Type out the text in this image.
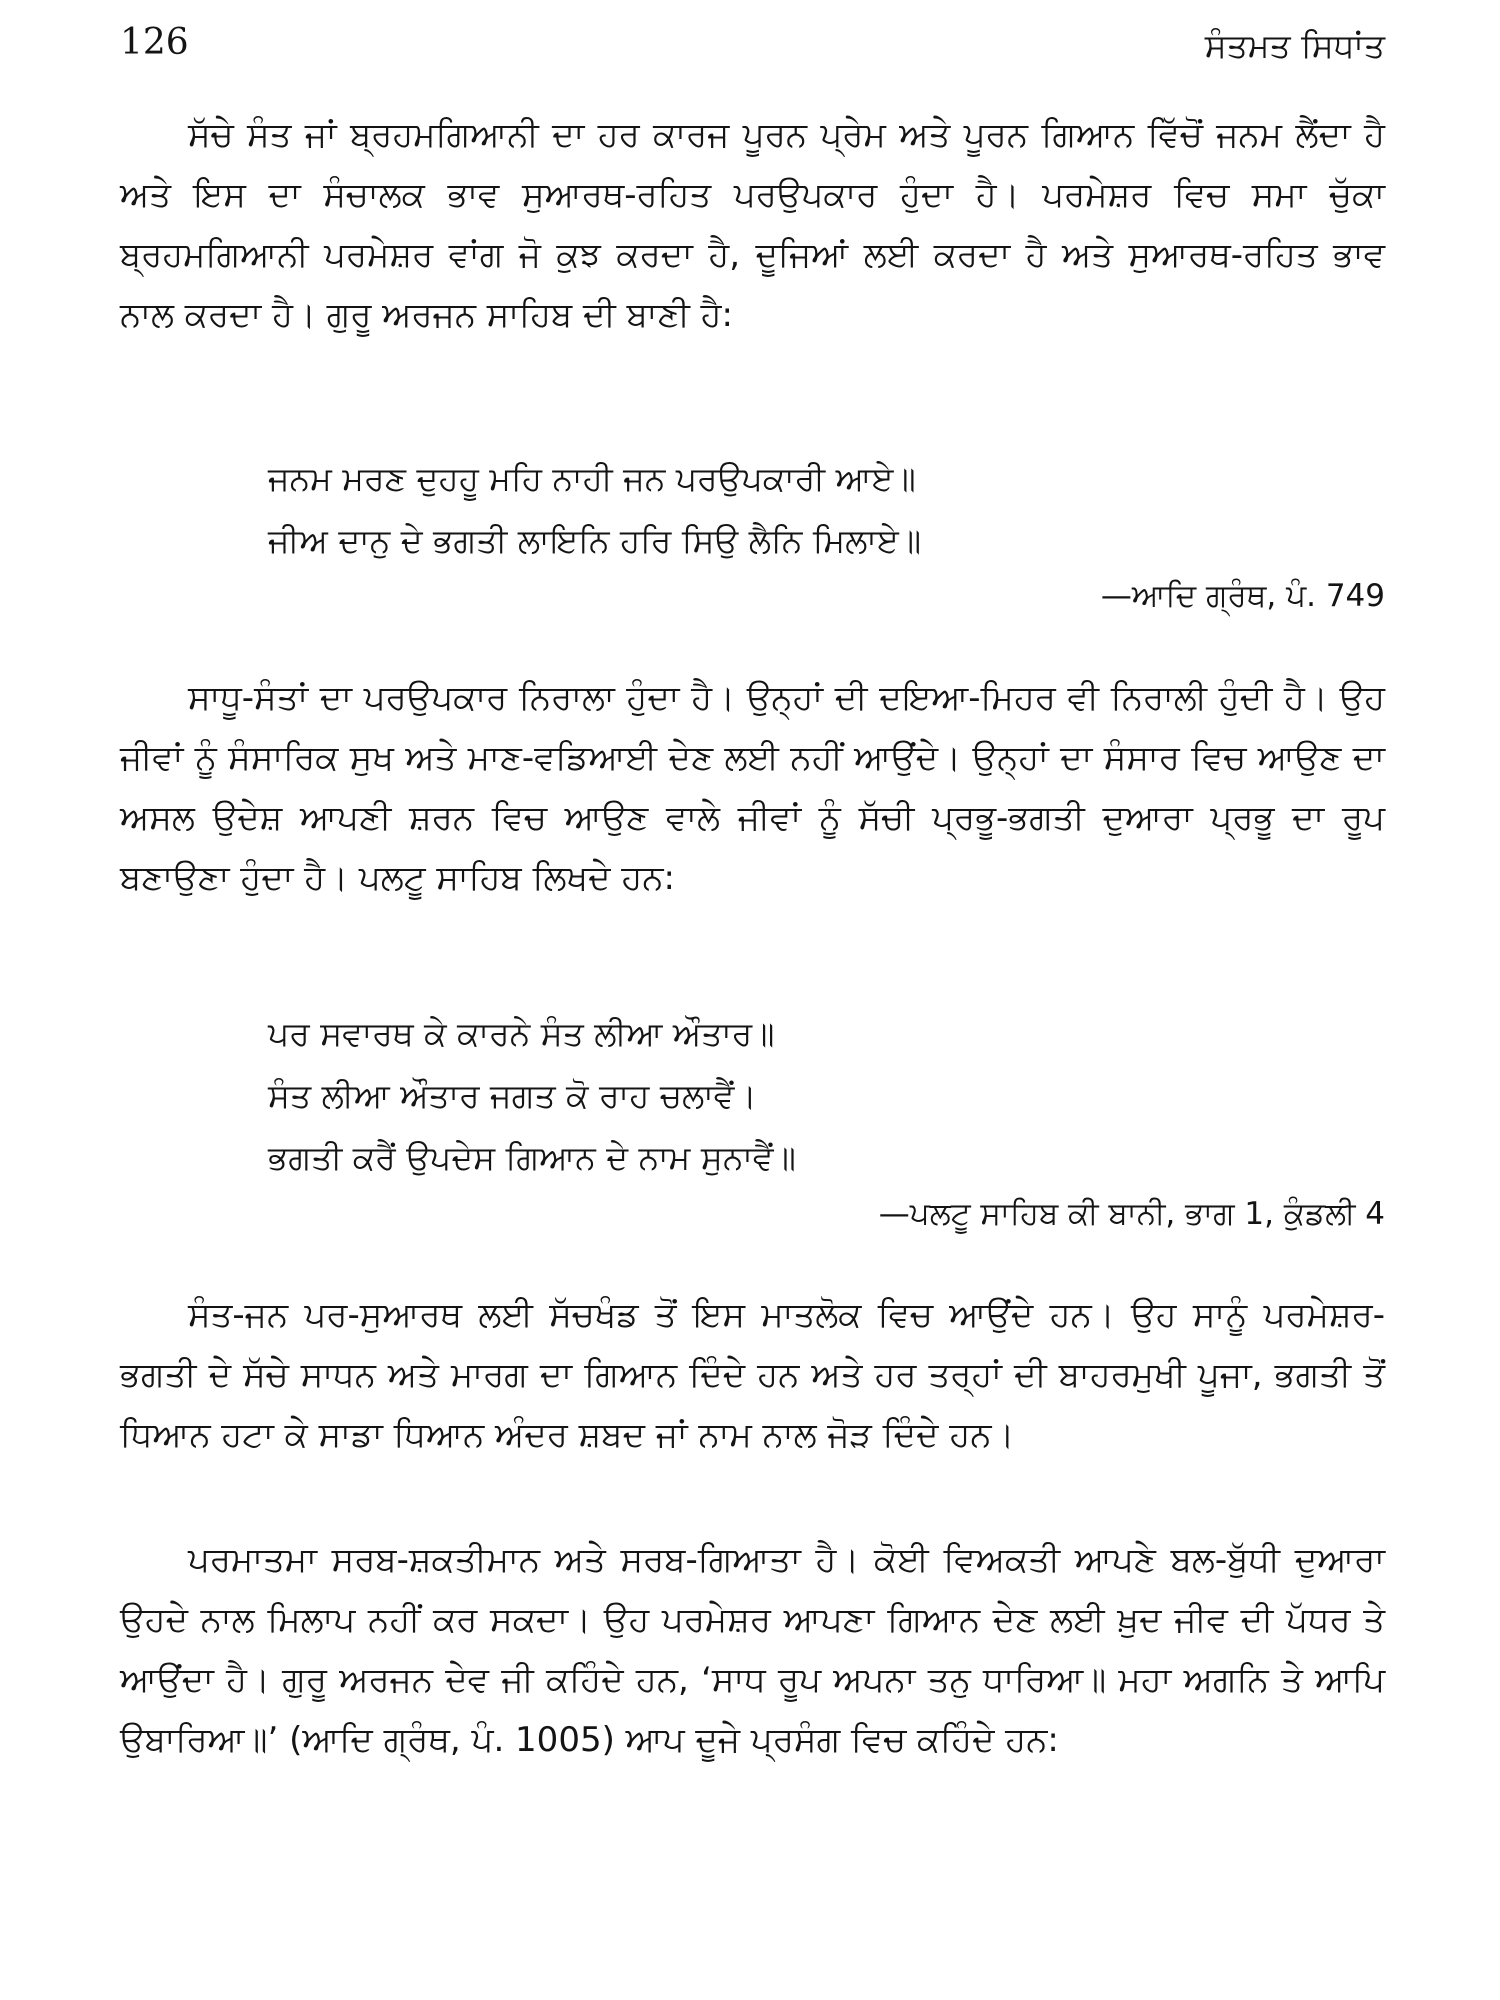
126	ਸੰਤਮਤ ਸਿਧਾਂਤ

ਸੱਚੇ ਸੰਤ ਜਾਂ ਬ੍ਰਹਮਗਿਆਨੀ ਦਾ ਹਰ ਕਾਰਜ ਪੂਰਨ ਪ੍ਰੇਮ ਅਤੇ ਪੂਰਨ ਗਿਆਨ ਵਿੱਚੋਂ ਜਨਮ ਲੈਂਦਾ ਹੈ ਅਤੇ ਇਸ ਦਾ ਸੰਚਾਲਕ ਭਾਵ ਸੁਆਰਥ-ਰਹਿਤ ਪਰਉਪਕਾਰ ਹੁੰਦਾ ਹੈ। ਪਰਮੇਸ਼ਰ ਵਿਚ ਸਮਾ ਚੁੱਕਾ ਬ੍ਰਹਮਗਿਆਨੀ ਪਰਮੇਸ਼ਰ ਵਾਂਗ ਜੋ ਕੁਝ ਕਰਦਾ ਹੈ, ਦੂਜਿਆਂ ਲਈ ਕਰਦਾ ਹੈ ਅਤੇ ਸੁਆਰਥ-ਰਹਿਤ ਭਾਵ ਨਾਲ ਕਰਦਾ ਹੈ। ਗੁਰੂ ਅਰਜਨ ਸਾਹਿਬ ਦੀ ਬਾਣੀ ਹੈ:

ਜਨਮ ਮਰਣ ਦੁਹਹੂ ਮਹਿ ਨਾਹੀ ਜਨ ਪਰਉਪਕਾਰੀ ਆਏ॥
ਜੀਅ ਦਾਨੁ ਦੇ ਭਗਤੀ ਲਾਇਨਿ ਹਰਿ ਸਿਉ ਲੈਨਿ ਮਿਲਾਏ॥
—ਆਦਿ ਗ੍ਰੰਥ, ਪੰ. 749

ਸਾਧੂ-ਸੰਤਾਂ ਦਾ ਪਰਉਪਕਾਰ ਨਿਰਾਲਾ ਹੁੰਦਾ ਹੈ। ਉਨ੍ਹਾਂ ਦੀ ਦਇਆ-ਮਿਹਰ ਵੀ ਨਿਰਾਲੀ ਹੁੰਦੀ ਹੈ। ਉਹ ਜੀਵਾਂ ਨੂੰ ਸੰਸਾਰਿਕ ਸੁਖ ਅਤੇ ਮਾਣ-ਵਡਿਆਈ ਦੇਣ ਲਈ ਨਹੀਂ ਆਉਂਦੇ। ਉਨ੍ਹਾਂ ਦਾ ਸੰਸਾਰ ਵਿਚ ਆਉਣ ਦਾ ਅਸਲ ਉਦੇਸ਼ ਆਪਣੀ ਸ਼ਰਨ ਵਿਚ ਆਉਣ ਵਾਲੇ ਜੀਵਾਂ ਨੂੰ ਸੱਚੀ ਪ੍ਰਭੂ-ਭਗਤੀ ਦੁਆਰਾ ਪ੍ਰਭੂ ਦਾ ਰੂਪ ਬਣਾਉਣਾ ਹੁੰਦਾ ਹੈ। ਪਲਟੂ ਸਾਹਿਬ ਲਿਖਦੇ ਹਨ:

ਪਰ ਸਵਾਰਥ ਕੇ ਕਾਰਨੇ ਸੰਤ ਲੀਆ ਔਤਾਰ॥
ਸੰਤ ਲੀਆ ਔਤਾਰ ਜਗਤ ਕੋ ਰਾਹ ਚਲਾਵੈਂ।
ਭਗਤੀ ਕਰੈਂ ਉਪਦੇਸ ਗਿਆਨ ਦੇ ਨਾਮ ਸੁਨਾਵੈਂ॥
—ਪਲਟੂ ਸਾਹਿਬ ਕੀ ਬਾਨੀ, ਭਾਗ 1, ਕੁੰਡਲੀ 4

ਸੰਤ-ਜਨ ਪਰ-ਸੁਆਰਥ ਲਈ ਸੱਚਖੰਡ ਤੋਂ ਇਸ ਮਾਤਲੋਕ ਵਿਚ ਆਉਂਦੇ ਹਨ। ਉਹ ਸਾਨੂੰ ਪਰਮੇਸ਼ਰ-ਭਗਤੀ ਦੇ ਸੱਚੇ ਸਾਧਨ ਅਤੇ ਮਾਰਗ ਦਾ ਗਿਆਨ ਦਿੰਦੇ ਹਨ ਅਤੇ ਹਰ ਤਰ੍ਹਾਂ ਦੀ ਬਾਹਰਮੁਖੀ ਪੂਜਾ, ਭਗਤੀ ਤੋਂ ਧਿਆਨ ਹਟਾ ਕੇ ਸਾਡਾ ਧਿਆਨ ਅੰਦਰ ਸ਼ਬਦ ਜਾਂ ਨਾਮ ਨਾਲ ਜੋੜ ਦਿੰਦੇ ਹਨ।

ਪਰਮਾਤਮਾ ਸਰਬ-ਸ਼ਕਤੀਮਾਨ ਅਤੇ ਸਰਬ-ਗਿਆਤਾ ਹੈ। ਕੋਈ ਵਿਅਕਤੀ ਆਪਣੇ ਬਲ-ਬੁੱਧੀ ਦੁਆਰਾ ਉਹਦੇ ਨਾਲ ਮਿਲਾਪ ਨਹੀਂ ਕਰ ਸਕਦਾ। ਉਹ ਪਰਮੇਸ਼ਰ ਆਪਣਾ ਗਿਆਨ ਦੇਣ ਲਈ ਖ਼ੁਦ ਜੀਵ ਦੀ ਪੱਧਰ ਤੇ ਆਉਂਦਾ ਹੈ। ਗੁਰੂ ਅਰਜਨ ਦੇਵ ਜੀ ਕਹਿੰਦੇ ਹਨ, ‘ਸਾਧ ਰੂਪ ਅਪਨਾ ਤਨੁ ਧਾਰਿਆ॥ ਮਹਾ ਅਗਨਿ ਤੇ ਆਪਿ ਉਬਾਰਿਆ॥’ (ਆਦਿ ਗ੍ਰੰਥ, ਪੰ. 1005) ਆਪ ਦੂਜੇ ਪ੍ਰਸੰਗ ਵਿਚ ਕਹਿੰਦੇ ਹਨ:
